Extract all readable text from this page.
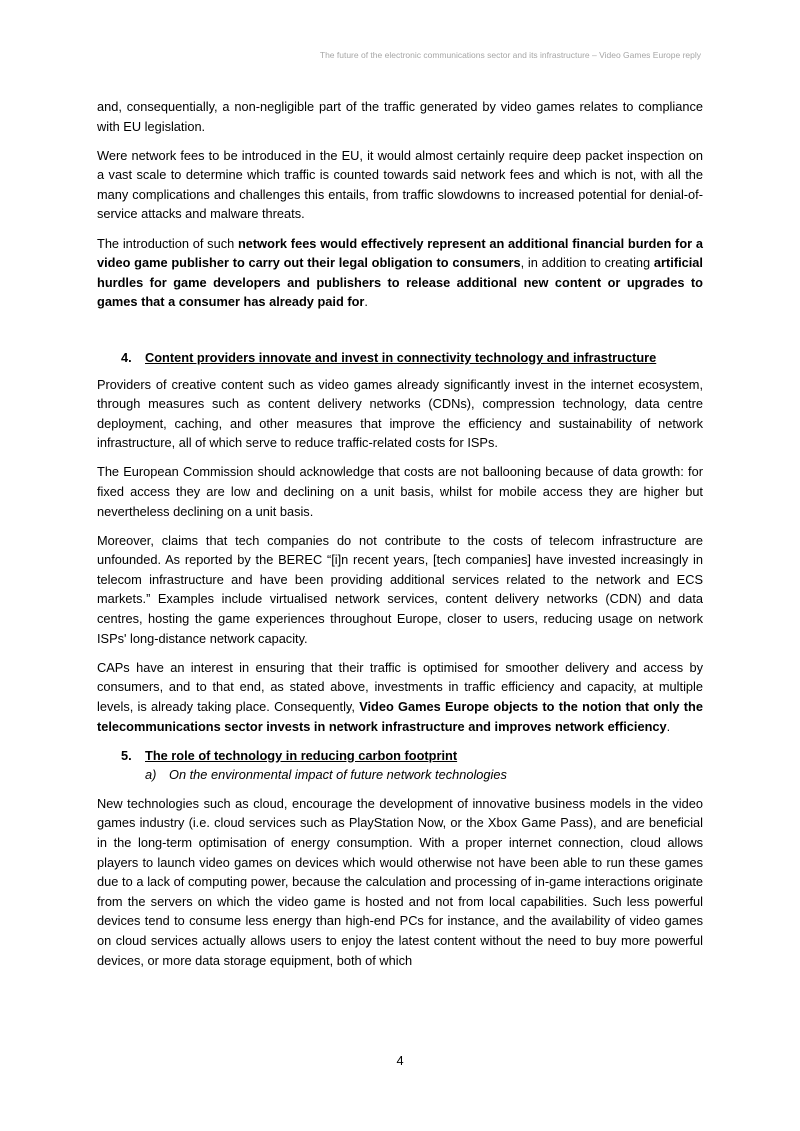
The future of the electronic communications sector and its infrastructure – Video Games Europe reply

and, consequentially, a non-negligible part of the traffic generated by video games relates to compliance with EU legislation.

Were network fees to be introduced in the EU, it would almost certainly require deep packet inspection on a vast scale to determine which traffic is counted towards said network fees and which is not, with all the many complications and challenges this entails, from traffic slowdowns to increased potential for denial-of-service attacks and malware threats.

The introduction of such network fees would effectively represent an additional financial burden for a video game publisher to carry out their legal obligation to consumers, in addition to creating artificial hurdles for game developers and publishers to release additional new content or upgrades to games that a consumer has already paid for.

4. Content providers innovate and invest in connectivity technology and infrastructure

Providers of creative content such as video games already significantly invest in the internet ecosystem, through measures such as content delivery networks (CDNs), compression technology, data centre deployment, caching, and other measures that improve the efficiency and sustainability of network infrastructure, all of which serve to reduce traffic-related costs for ISPs.

The European Commission should acknowledge that costs are not ballooning because of data growth: for fixed access they are low and declining on a unit basis, whilst for mobile access they are higher but nevertheless declining on a unit basis.

Moreover, claims that tech companies do not contribute to the costs of telecom infrastructure are unfounded. As reported by the BEREC “[i]n recent years, [tech companies] have invested increasingly in telecom infrastructure and have been providing additional services related to the network and ECS markets.” Examples include virtualised network services, content delivery networks (CDN) and data centres, hosting the game experiences throughout Europe, closer to users, reducing usage on network ISPs' long-distance network capacity.

CAPs have an interest in ensuring that their traffic is optimised for smoother delivery and access by consumers, and to that end, as stated above, investments in traffic efficiency and capacity, at multiple levels, is already taking place. Consequently, Video Games Europe objects to the notion that only the telecommunications sector invests in network infrastructure and improves network efficiency.

5. The role of technology in reducing carbon footprint
a) On the environmental impact of future network technologies

New technologies such as cloud, encourage the development of innovative business models in the video games industry (i.e. cloud services such as PlayStation Now, or the Xbox Game Pass), and are beneficial in the long-term optimisation of energy consumption. With a proper internet connection, cloud allows players to launch video games on devices which would otherwise not have been able to run these games due to a lack of computing power, because the calculation and processing of in-game interactions originate from the servers on which the video game is hosted and not from local capabilities. Such less powerful devices tend to consume less energy than high-end PCs for instance, and the availability of video games on cloud services actually allows users to enjoy the latest content without the need to buy more powerful devices, or more data storage equipment, both of which

4
